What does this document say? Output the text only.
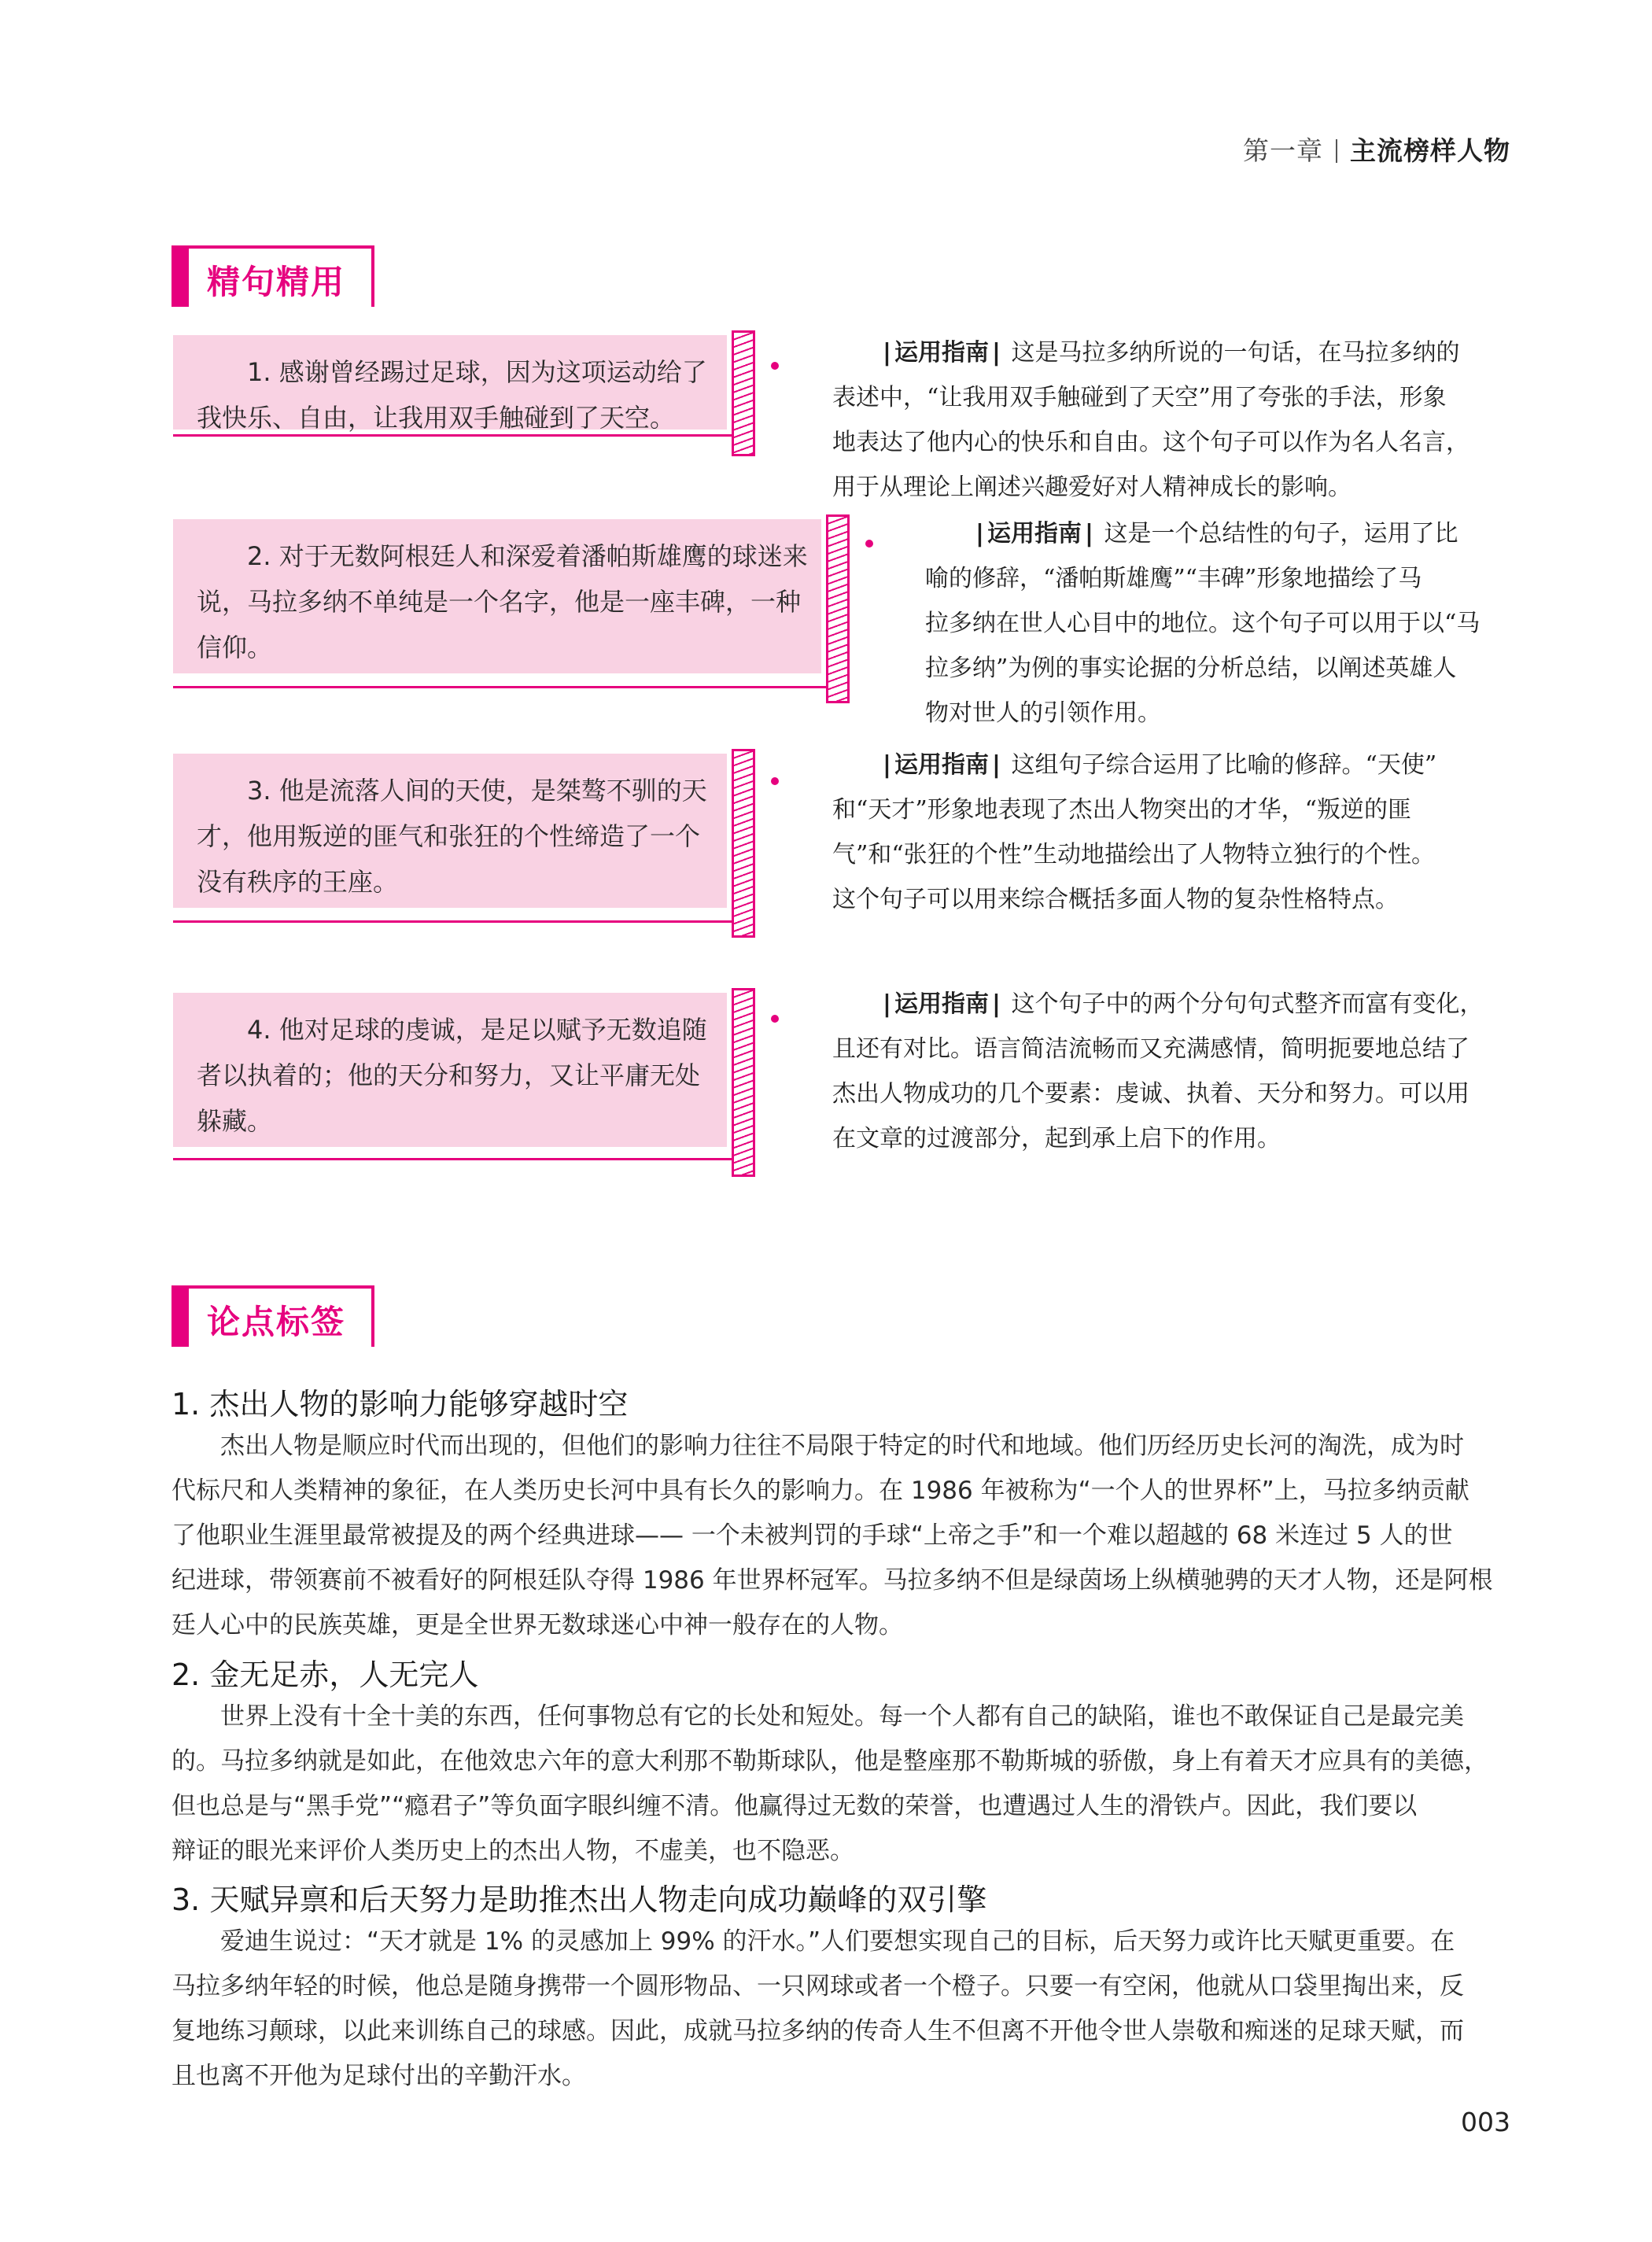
第一章 主流榜样人物
精句精用
1. 感谢曾经踢过足球，因为这项运动给了
我快乐、自由，让我用双手触碰到了天空。
| 运用指南 | 这是马拉多纳所说的一句话，在马拉多纳的
表述中，“让我用双手触碰到了天空”用了夸张的手法，形象
地表达了他内心的快乐和自由。这个句子可以作为名人名言，
用于从理论上阐述兴趣爱好对人精神成长的影响。
2. 对于无数阿根廷人和深爱着潘帕斯雄鹰的球迷来
说，马拉多纳不单纯是一个名字，他是一座丰碑，一种
信仰。
| 运用指南 | 这是一个总结性的句子，运用了比
喻的修辞，“潘帕斯雄鹰”“丰碑”形象地描绘了马
拉多纳在世人心目中的地位。这个句子可以用于以“马
拉多纳”为例的事实论据的分析总结，以阐述英雄人
物对世人的引领作用。
3. 他是流落人间的天使，是桀骜不驯的天
才，他用叛逆的匪气和张狂的个性缔造了一个
没有秩序的王座。
| 运用指南 | 这组句子综合运用了比喻的修辞。“天使”
和“天才”形象地表现了杰出人物突出的才华，“叛逆的匪
气”和“张狂的个性”生动地描绘出了人物特立独行的个性。
这个句子可以用来综合概括多面人物的复杂性格特点。
4. 他对足球的虔诚，是足以赋予无数追随
者以执着的；他的天分和努力，又让平庸无处
躲藏。
| 运用指南 | 这个句子中的两个分句句式整齐而富有变化，
且还有对比。语言简洁流畅而又充满感情，简明扼要地总结了
杰出人物成功的几个要素：虔诚、执着、天分和努力。可以用
在文章的过渡部分，起到承上启下的作用。
论点标签
1. 杰出人物的影响力能够穿越时空
杰出人物是顺应时代而出现的，但他们的影响力往往不局限于特定的时代和地域。他们历经历史长河的淘洗，成为时
代标尺和人类精神的象征，在人类历史长河中具有长久的影响力。在 1986 年被称为“一个人的世界杯”上，马拉多纳贡献
了他职业生涯里最常被提及的两个经典进球—— 一个未被判罚的手球“上帝之手”和一个难以超越的 68 米连过 5 人的世
纪进球，带领赛前不被看好的阿根廷队夺得 1986 年世界杯冠军。马拉多纳不但是绿茵场上纵横驰骋的天才人物，还是阿根
廷人心中的民族英雄，更是全世界无数球迷心中神一般存在的人物。
2. 金无足赤，人无完人
世界上没有十全十美的东西，任何事物总有它的长处和短处。每一个人都有自己的缺陷，谁也不敢保证自己是最完美
的。马拉多纳就是如此，在他效忠六年的意大利那不勒斯球队，他是整座那不勒斯城的骄傲，身上有着天才应具有的美德，
但也总是与“黑手党”“瘾君子”等负面字眼纠缠不清。他赢得过无数的荣誉，也遭遇过人生的滑铁卢。因此，我们要以
辩证的眼光来评价人类历史上的杰出人物，不虚美，也不隐恶。
3. 天赋异禀和后天努力是助推杰出人物走向成功巅峰的双引擎
爱迪生说过：“天才就是 1% 的灵感加上 99% 的汗水。”人们要想实现自己的目标，后天努力或许比天赋更重要。在
马拉多纳年轻的时候，他总是随身携带一个圆形物品、一只网球或者一个橙子。只要一有空闲，他就从口袋里掏出来，反
复地练习颠球，以此来训练自己的球感。因此，成就马拉多纳的传奇人生不但离不开他令世人崇敬和痴迷的足球天赋，而
且也离不开他为足球付出的辛勤汗水。
003
